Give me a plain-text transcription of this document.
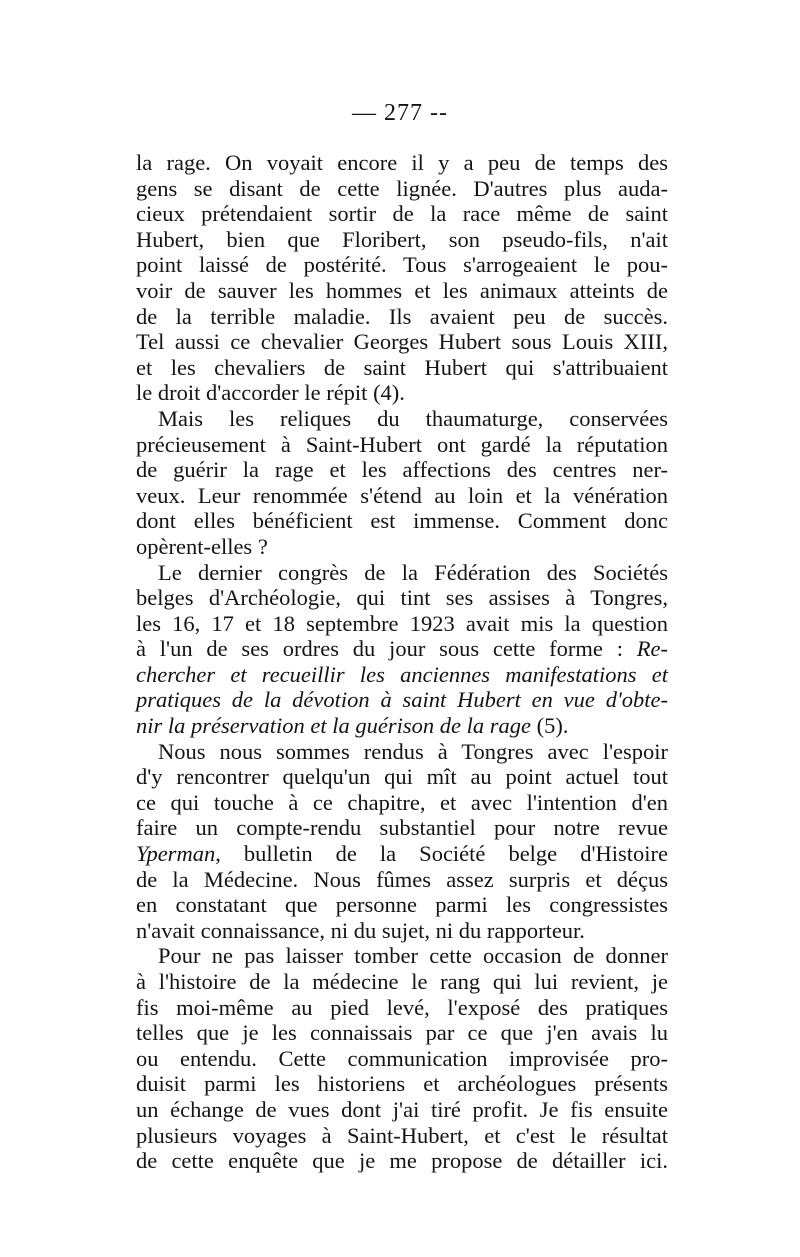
— 277 --
la rage. On voyait encore il y a peu de temps des
gens se disant de cette lignée. D'autres plus auda-
cieux prétendaient sortir de la race même de saint
Hubert, bien que Floribert, son pseudo-fils, n'ait
point laissé de postérité. Tous s'arrogeaient le pou-
voir de sauver les hommes et les animaux atteints de
de la terrible maladie. Ils avaient peu de succès.
Tel aussi ce chevalier Georges Hubert sous Louis XIII,
et les chevaliers de saint Hubert qui s'attribuaient
le droit d'accorder le répit (4).
Mais les reliques du thaumaturge, conservées
précieusement à Saint-Hubert ont gardé la réputation
de guérir la rage et les affections des centres ner-
veux. Leur renommée s'étend au loin et la vénération
dont elles bénéficient est immense. Comment donc
opèrent-elles ?
Le dernier congrès de la Fédération des Sociétés
belges d'Archéologie, qui tint ses assises à Tongres,
les 16, 17 et 18 septembre 1923 avait mis la question
à l'un de ses ordres du jour sous cette forme : Re-
chercher et recueillir les anciennes manifestations et
pratiques de la dévotion à saint Hubert en vue d'obte-
nir la préservation et la guérison de la rage (5).
Nous nous sommes rendus à Tongres avec l'espoir
d'y rencontrer quelqu'un qui mît au point actuel tout
ce qui touche à ce chapitre, et avec l'intention d'en
faire un compte-rendu substantiel pour notre revue
Yperman, bulletin de la Société belge d'Histoire
de la Médecine. Nous fûmes assez surpris et déçus
en constatant que personne parmi les congressistes
n'avait connaissance, ni du sujet, ni du rapporteur.
Pour ne pas laisser tomber cette occasion de donner
à l'histoire de la médecine le rang qui lui revient, je
fis moi-même au pied levé, l'exposé des pratiques
telles que je les connaissais par ce que j'en avais lu
ou entendu. Cette communication improvisée pro-
duisit parmi les historiens et archéologues présents
un échange de vues dont j'ai tiré profit. Je fis ensuite
plusieurs voyages à Saint-Hubert, et c'est le résultat
de cette enquête que je me propose de détailler ici.
